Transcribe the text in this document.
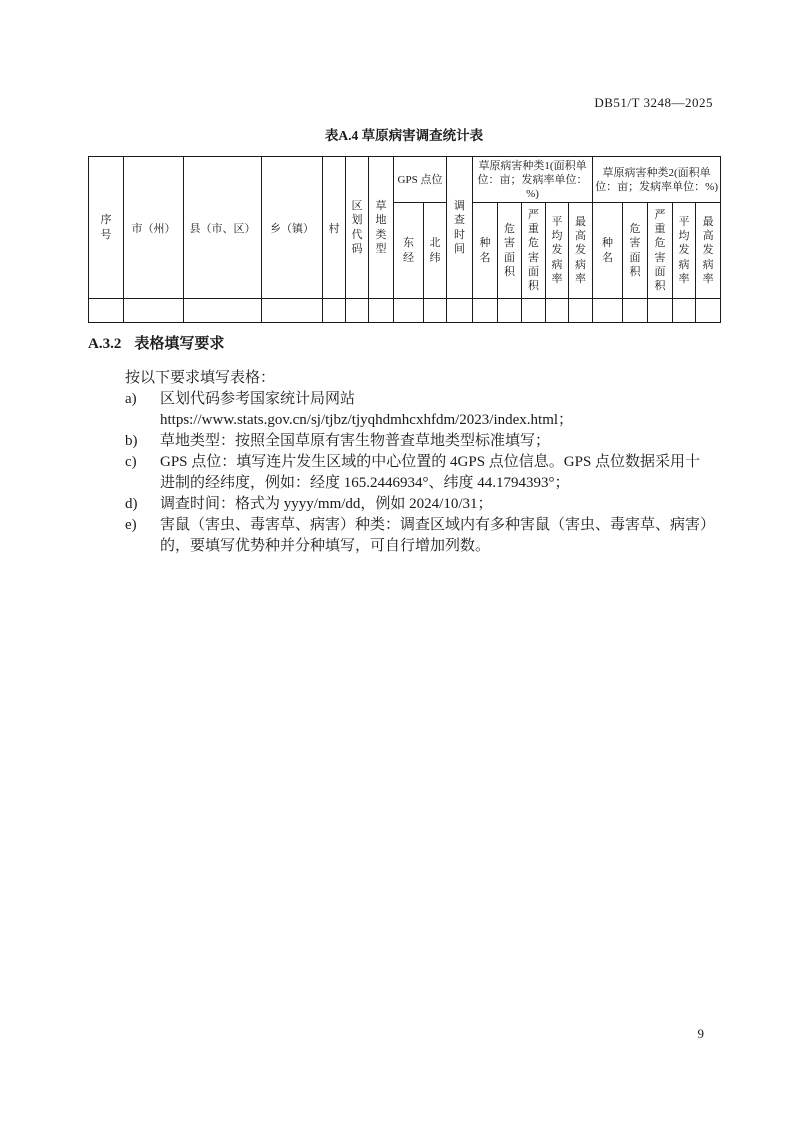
DB51/T 3248—2025
表A.4 草原病害调查统计表
序号	市（州）	县（市、区）	乡（镇）	村	区划代码	草地类型	GPS 点位		调查时间	草原病害种类1(面积单位：亩；发病率单位：%)					草原病害种类2(面积单位：亩；发病率单位：%)				
							东经	北纬		种名	危害面积	严重危害面积	平均发病率	最高发病率	种名	危害面积	严重危害面积	平均发病率	最高发病率

A.3.2 表格填写要求
按以下要求填写表格：
a)	区划代码参考国家统计局网站
https://www.stats.gov.cn/sj/tjbz/tjyqhdmhcxhfdm/2023/index.html；
b)	草地类型：按照全国草原有害生物普查草地类型标准填写；
c)	GPS 点位：填写连片发生区域的中心位置的 4GPS 点位信息。GPS 点位数据采用十进制的经纬度，例如：经度 165.2446934°、纬度 44.1794393°；
d)	调查时间：格式为 yyyy/mm/dd，例如 2024/10/31；
e)	害鼠（害虫、毒害草、病害）种类：调查区域内有多种害鼠（害虫、毒害草、病害）的，要填写优势种并分种填写，可自行增加列数。
9
